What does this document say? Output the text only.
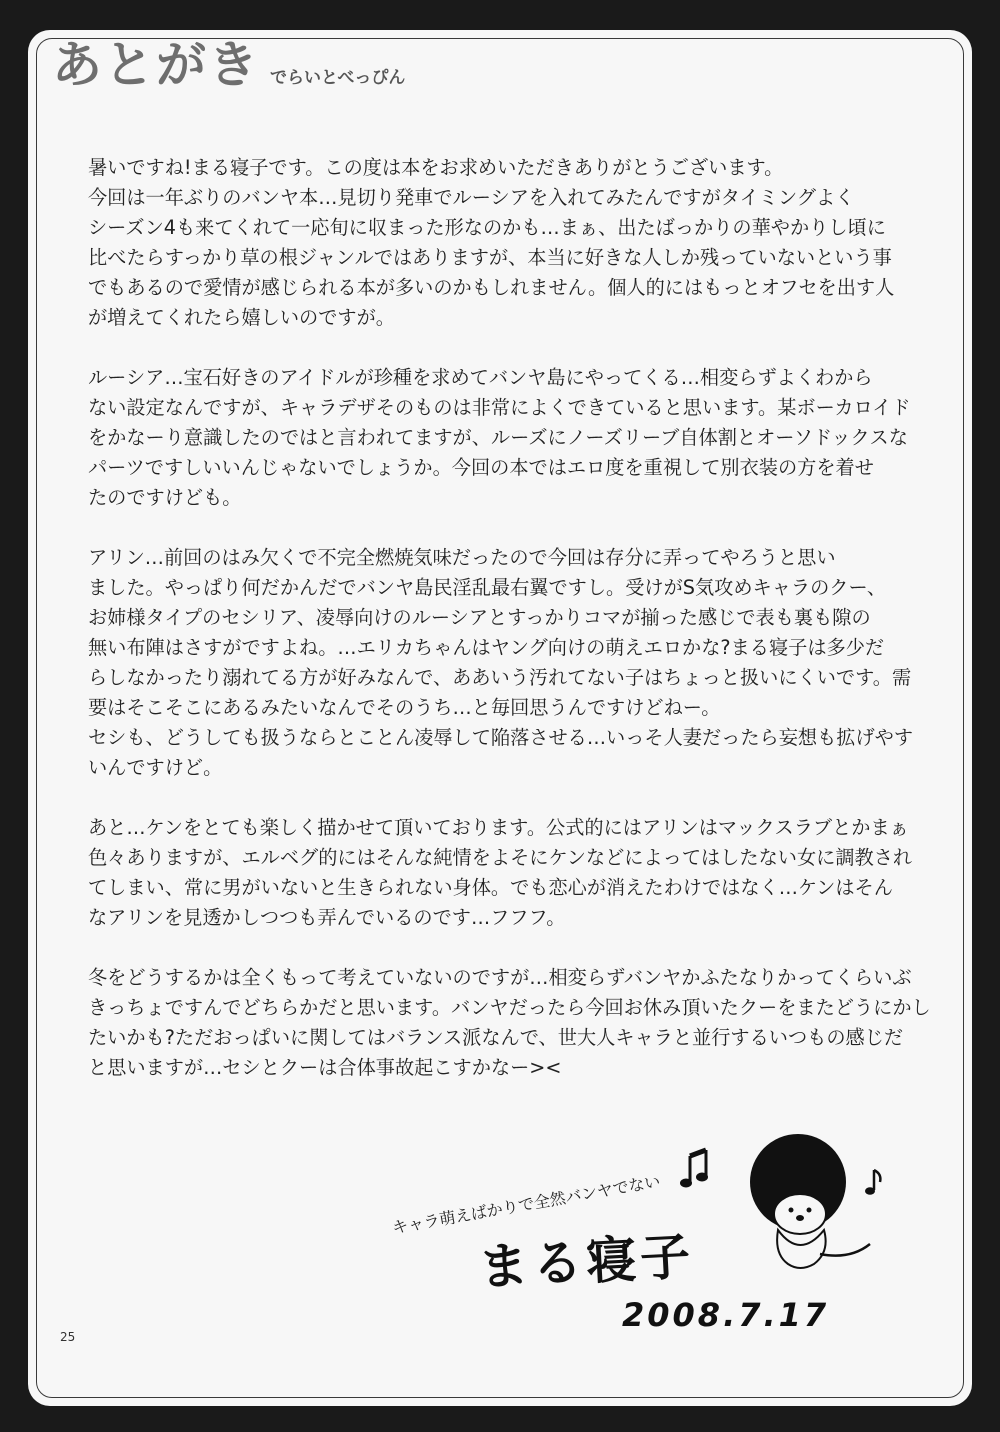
あとがき でらいとべっぴん
暑いですね!まる寝子です。この度は本をお求めいただきありがとうございます。
今回は一年ぶりのバンヤ本…見切り発車でルーシアを入れてみたんですがタイミングよく
シーズン4も来てくれて一応旬に収まった形なのかも…まぁ、出たばっかりの華やかりし頃に
比べたらすっかり草の根ジャンルではありますが、本当に好きな人しか残っていないという事
でもあるので愛情が感じられる本が多いのかもしれません。個人的にはもっとオフセを出す人
が増えてくれたら嬉しいのですが。
ルーシア…宝石好きのアイドルが珍種を求めてバンヤ島にやってくる…相変らずよくわから
ない設定なんですが、キャラデザそのものは非常によくできていると思います。某ボーカロイド
をかなーり意識したのではと言われてますが、ルーズにノーズリーブ自体割とオーソドックスな
パーツですしいいんじゃないでしょうか。今回の本ではエロ度を重視して別衣装の方を着せ
たのですけども。
アリン…前回のはみ欠くで不完全燃焼気味だったので今回は存分に弄ってやろうと思い
ました。やっぱり何だかんだでバンヤ島民淫乱最右翼ですし。受けがS気攻めキャラのクー、
お姉様タイプのセシリア、凌辱向けのルーシアとすっかりコマが揃った感じで表も裏も隙の
無い布陣はさすがですよね。…エリカちゃんはヤング向けの萌えエロかな?まる寝子は多少だ
らしなかったり溺れてる方が好みなんで、ああいう汚れてない子はちょっと扱いにくいです。需
要はそこそこにあるみたいなんでそのうち…と毎回思うんですけどねー。
セシも、どうしても扱うならとことん凌辱して陥落させる…いっそ人妻だったら妄想も拡げやす
いんですけど。
あと…ケンをとても楽しく描かせて頂いております。公式的にはアリンはマックスラブとかまぁ
色々ありますが、エルベグ的にはそんな純情をよそにケンなどによってはしたない女に調教され
てしまい、常に男がいないと生きられない身体。でも恋心が消えたわけではなく…ケンはそん
なアリンを見透かしつつも弄んでいるのです…フフフ。
冬をどうするかは全くもって考えていないのですが…相変らずバンヤかふたなりかってくらいぶ
きっちょですんでどちらかだと思います。バンヤだったら今回お休み頂いたクーをまたどうにかし
たいかも?ただおっぱいに関してはバランス派なんで、世大人キャラと並行するいつもの感じだ
と思いますが…セシとクーは合体事故起こすかなー><
キャラ萌えばかりで全然バンヤでない
まる寝子
2008.7.17
25
